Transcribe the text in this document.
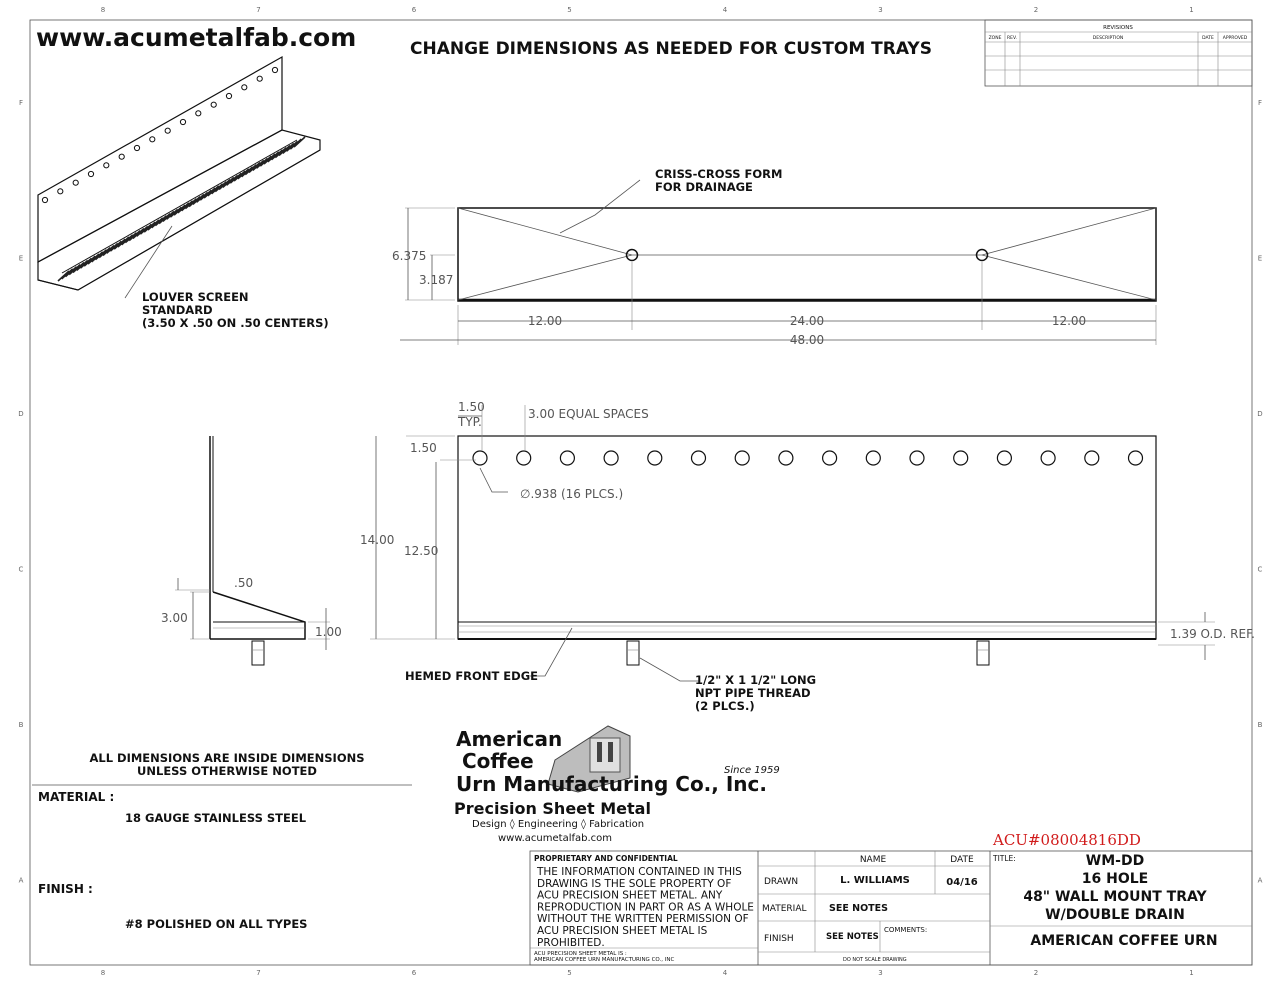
8
8
7
7
6
6
5
5
4
4
3
3
2
2
1
1
F	F
E	E
D	D
C	C
B	B
A	A
www.acumetalfab.com	CHANGE DIMENSIONS AS NEEDED FOR CUSTOM TRAYS
REVISIONS
ZONE REV.	DESCRIPTION	DATE APPROVED
LOUVER SCREEN STANDARD (3.50 X .50 ON .50 CENTERS)
CRISS-CROSS FORM FOR DRAINAGE
6.375
3.187
12.00	24.00	12.00
48.00
1.50
TYP.
3.00 EQUAL SPACES
1.50
∅.938 (16 PLCS.)
14.00
12.50
1.39 O.D. REF.
HEMED FRONT EDGE	1/2" X 1 1/2" LONG NPT PIPE THREAD (2 PLCS.)
.50
3.00
1.00
ALL DIMENSIONS ARE INSIDE DIMENSIONS UNLESS OTHERWISE NOTED
MATERIAL :
18 GAUGE STAINLESS STEEL
FINISH :
#8 POLISHED ON ALL TYPES
American
Coffee
Urn Manufacturing Co., Inc.
Since 1959
Precision Sheet Metal
Design ◊ Engineering ◊ Fabrication
www.acumetalfab.com	ACU#08004816DD
PROPRIETARY AND CONFIDENTIAL
THE INFORMATION CONTAINED IN THIS DRAWING IS THE SOLE PROPERTY OF ACU PRECISION SHEET METAL. ANY REPRODUCTION IN PART OR AS A WHOLE WITHOUT THE WRITTEN PERMISSION OF ACU PRECISION SHEET METAL IS PROHIBITED.
ACU PRECISION SHEET METAL IS :
AMERICAN COFFEE URN MANUFACTURING CO., INC
NAME	DATE
DRAWN	L. WILLIAMS	04/16
MATERIAL SEE NOTES
FINISH	SEE NOTES
COMMENTS:
DO NOT SCALE DRAWING
TITLE:	WM-DD
16 HOLE
48" WALL MOUNT TRAY
W/DOUBLE DRAIN
AMERICAN COFFEE URN
